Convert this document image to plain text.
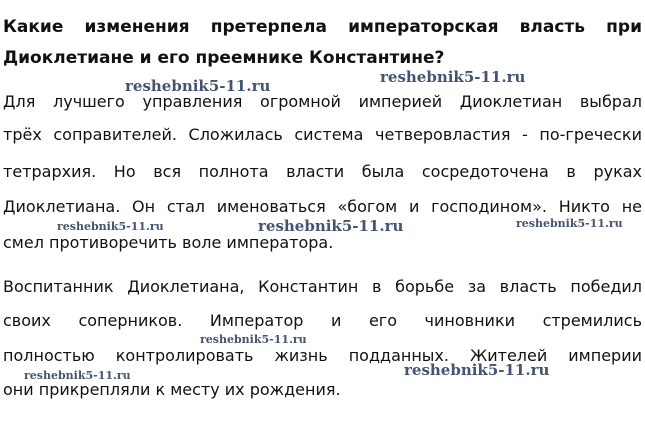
Какие изменения претерпела императорская власть при

Диоклетиане и его преемнике Константине?

Для лучшего управления огромной империей Диоклетиан выбрал

трёх соправителей. Сложилась система четверовластия - по-гречески

тетрархия. Но вся полнота власти была сосредоточена в руках

Диоклетиана. Он стал именоваться «богом и господином». Никто не

смел противоречить воле императора.

Воспитанник Диоклетиана, Константин в борьбе за власть победил

своих соперников. Император и его чиновники стремились

полностью контролировать жизнь подданных. Жителей империи

они прикрепляли к месту их рождения.

reshebnik5-11.ru	reshebnik5-11.ru
reshebnik5-11.ru	reshebnik5-11.ru	reshebnik5-11.ru
reshebnik5-11.ru
reshebnik5-11.ru	reshebnik5-11.ru
